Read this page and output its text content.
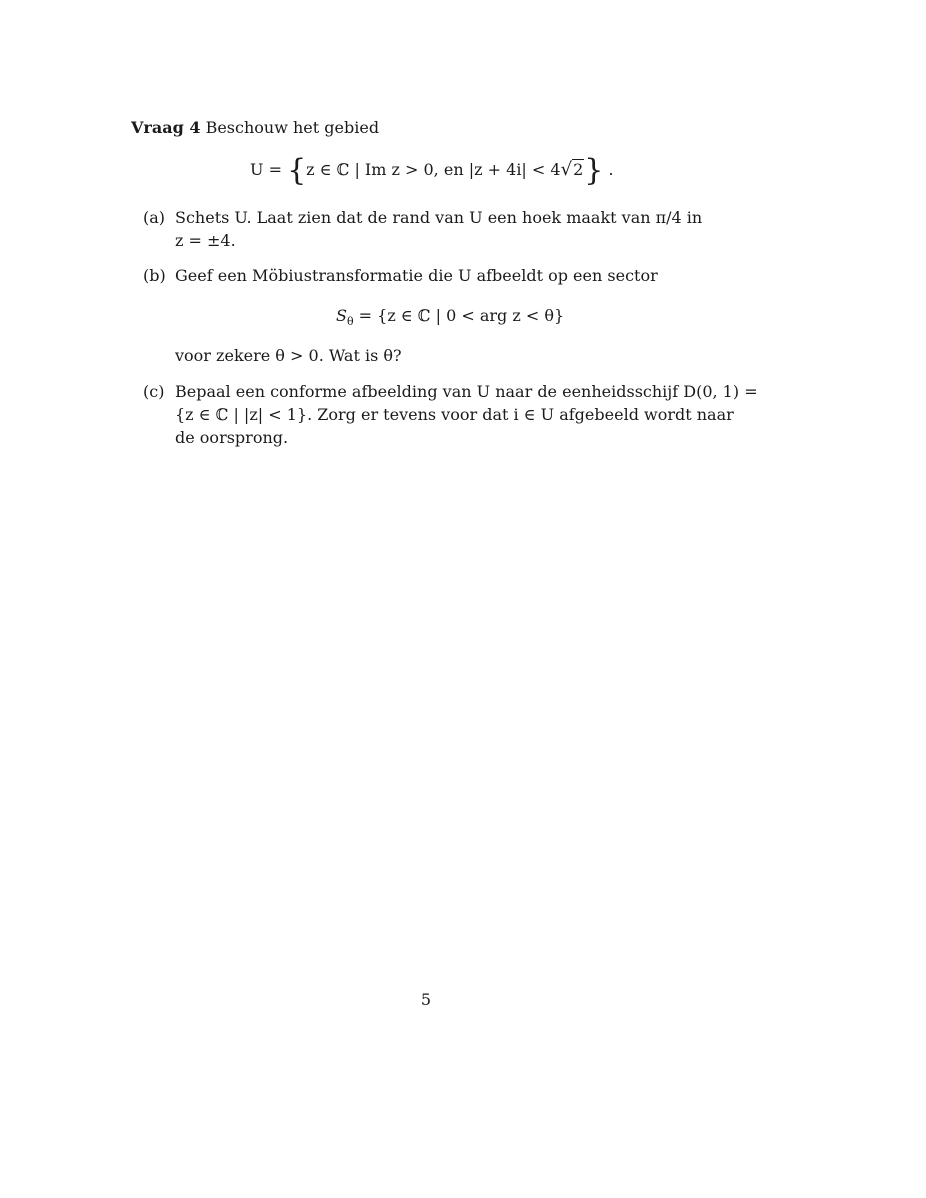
Vraag 4 Beschouw het gebied
U = {z ∈ ℂ | Im z > 0, en |z + 4i| < 4√2} .
(a) Schets U. Laat zien dat de rand van U een hoek maakt van π/4 in
z = ±4.
(b) Geef een Möbiustransformatie die U afbeeldt op een sector
$S_\theta = \{z$ ∈ ℂ | 0 < arg z < θ}
voor zekere θ > 0. Wat is θ?
(c) Bepaal een conforme afbeelding van U naar de eenheidsschijf D(0, 1) =
{z ∈ ℂ | |z| < 1}. Zorg er tevens voor dat i ∈ U afgebeeld wordt naar
de oorsprong.
5
